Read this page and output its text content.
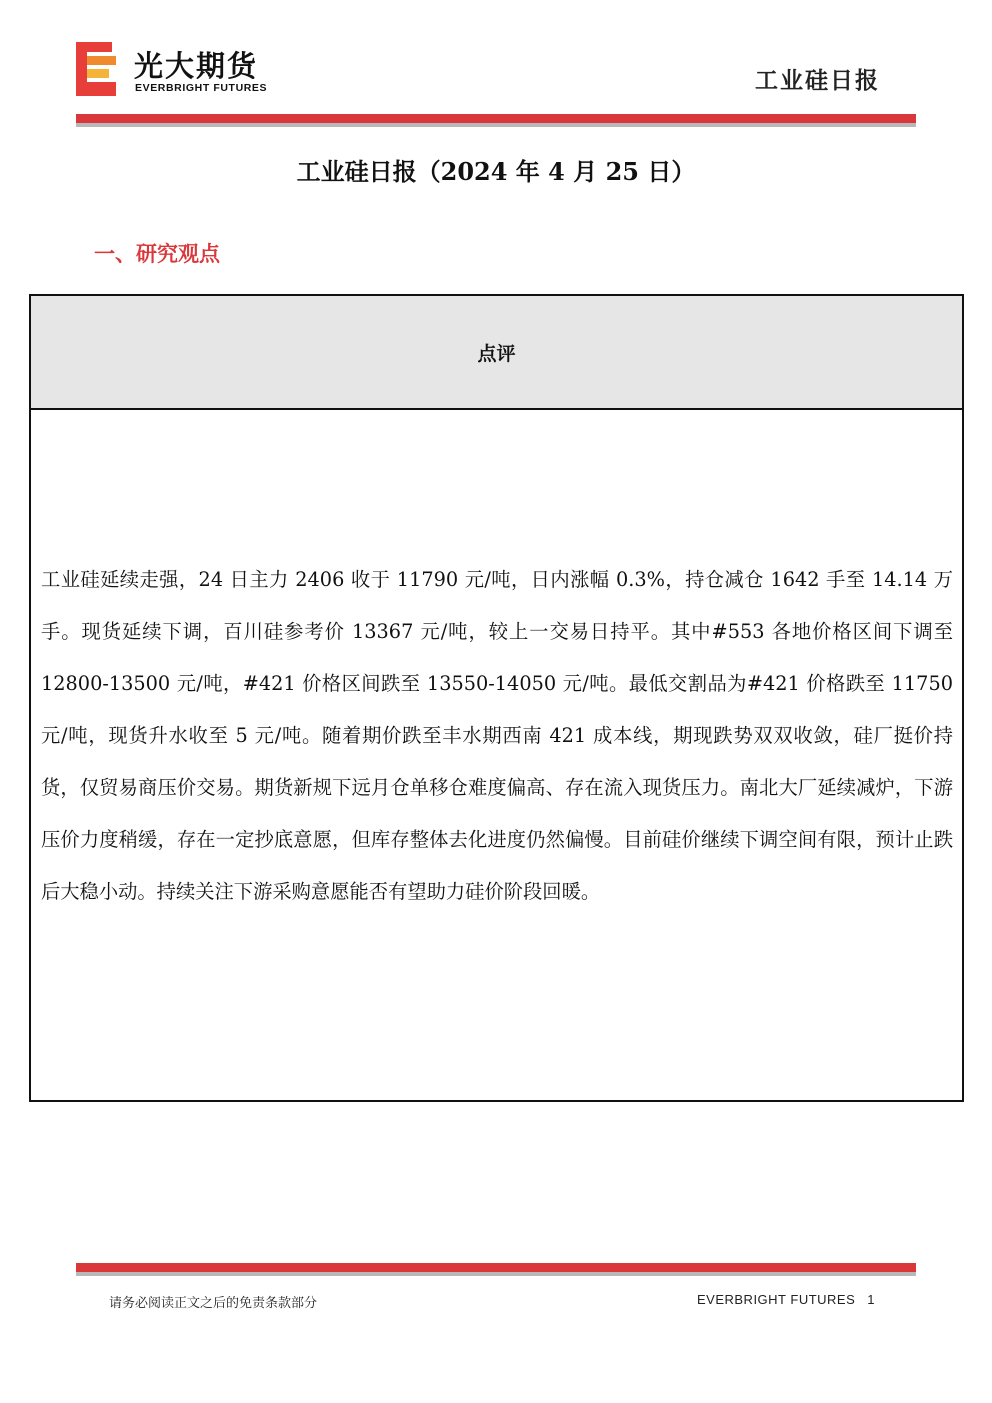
光大期货
EVERBRIGHT FUTURES	工业硅日报
工业硅日报（2024 年 4 月 25 日）
一、研究观点
点评
工业硅延续走强，24 日主力 2406 收于 11790 元/吨，日内涨幅 0.3%，持仓减仓 1642 手至 14.14 万手。现货延续下调，百川硅参考价 13367 元/吨，较上一交易日持平。其中#553 各地价格区间下调至 12800-13500 元/吨，#421 价格区间跌至 13550-14050 元/吨。最低交割品为#421 价格跌至 11750 元/吨，现货升水收至 5 元/吨。随着期价跌至丰水期西南 421 成本线，期现跌势双双收敛，硅厂挺价持货，仅贸易商压价交易。期货新规下远月仓单移仓难度偏高、存在流入现货压力。南北大厂延续减炉，下游压价力度稍缓，存在一定抄底意愿，但库存整体去化进度仍然偏慢。目前硅价继续下调空间有限，预计止跌后大稳小动。持续关注下游采购意愿能否有望助力硅价阶段回暖。
请务必阅读正文之后的免责条款部分	EVERBRIGHT FUTURES 1
